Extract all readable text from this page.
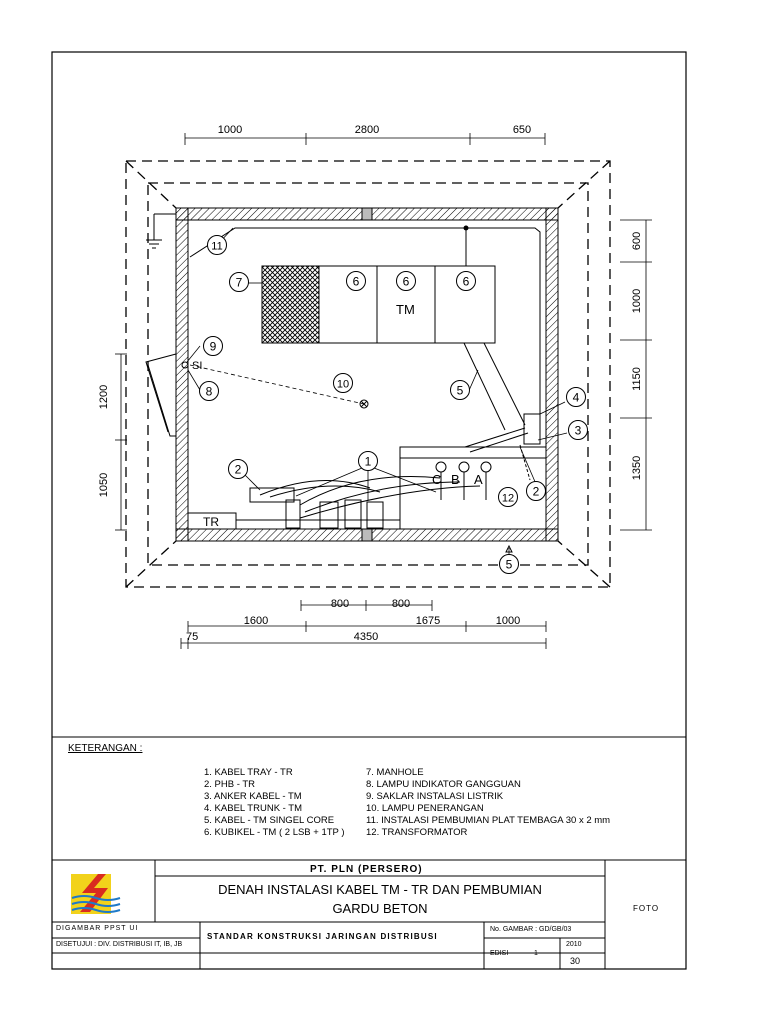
1000	2800	650
600
1000
1150
1350
1200
1050
800	800
1600	1675	1000
75	4350
TM
TR
SI
C B A
1
2
2
3
4
5
5
6	6	6
7
8
9
10
11
12
KETERANGAN :
1. KABEL TRAY - TR
2. PHB - TR
3. ANKER KABEL - TM
4. KABEL TRUNK - TM
5. KABEL - TM SINGEL CORE
6. KUBIKEL - TM ( 2 LSB + 1TP )
7. MANHOLE
8. LAMPU INDIKATOR GANGGUAN
9. SAKLAR INSTALASI LISTRIK
10. LAMPU PENERANGAN
11. INSTALASI PEMBUMIAN PLAT TEMBAGA 30 x 2 mm
12. TRANSFORMATOR
PT. PLN (PERSERO)
DENAH INSTALASI KABEL TM - TR DAN PEMBUMIAN
GARDU BETON	FOTO
DIGAMBAR PPST UI
DISETUJUI : DIV. DISTRIBUSI IT, IB, JB
STANDAR KONSTRUKSI JARINGAN DISTRIBUSI
No. GAMBAR : GD/GB/03
2010
EDISI	1
30
